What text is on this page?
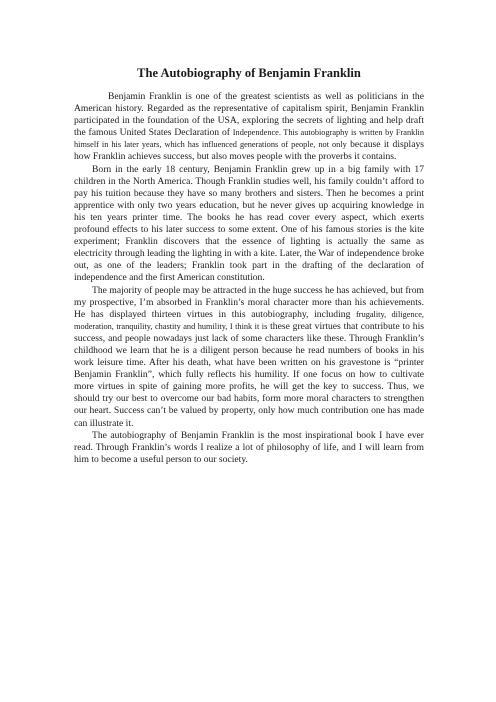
The Autobiography of Benjamin Franklin

Benjamin Franklin is one of the greatest scientists as well as politicians in the American history. Regarded as the representative of capitalism spirit, Benjamin Franklin participated in the foundation of the USA, exploring the secrets of lighting and help draft the famous United States Declaration of Independence. This autobiography is written by Franklin himself in his later years, which has influenced generations of people, not only because it displays how Franklin achieves success, but also moves people with the proverbs it contains.

Born in the early 18 century, Benjamin Franklin grew up in a big family with 17 children in the North America. Though Franklin studies well, his family couldn’t afford to pay his tuition because they have so many brothers and sisters. Then he becomes a print apprentice with only two years education, but he never gives up acquiring knowledge in his ten years printer time. The books he has read cover every aspect, which exerts profound effects to his later success to some extent. One of his famous stories is the kite experiment; Franklin discovers that the essence of lighting is actually the same as electricity through leading the lighting in with a kite. Later, the War of independence broke out, as one of the leaders; Franklin took part in the drafting of the declaration of independence and the first American constitution.

The majority of people may be attracted in the huge success he has achieved, but from my prospective, I’m absorbed in Franklin’s moral character more than his achievements. He has displayed thirteen virtues in this autobiography, including frugality, diligence, moderation, tranquility, chastity and humility, I think it is these great virtues that contribute to his success, and people nowadays just lack of some characters like these. Through Franklin’s childhood we learn that he is a diligent person because he read numbers of books in his work leisure time. After his death, what have been written on his gravestone is “printer Benjamin Franklin”, which fully reflects his humility. If one focus on how to cultivate more virtues in spite of gaining more profits, he will get the key to success. Thus, we should try our best to overcome our bad habits, form more moral characters to strengthen our heart. Success can’t be valued by property, only how much contribution one has made can illustrate it.

The autobiography of Benjamin Franklin is the most inspirational book I have ever read. Through Franklin’s words I realize a lot of philosophy of life, and I will learn from him to become a useful person to our society.
